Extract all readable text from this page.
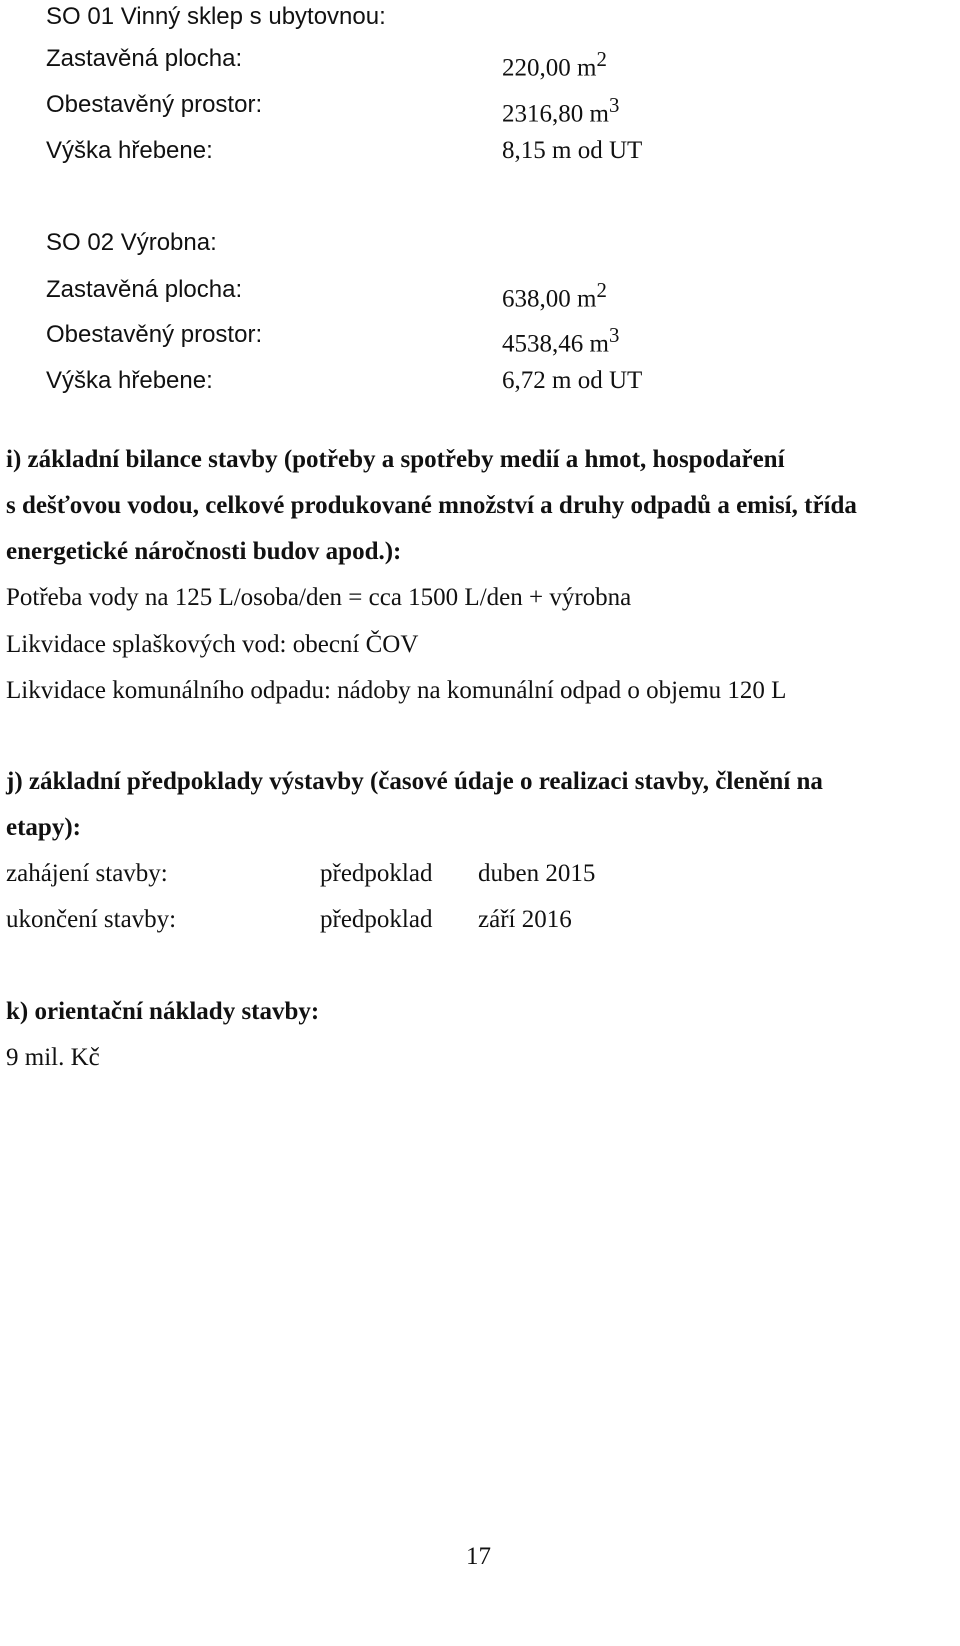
SO 01 Vinný sklep s ubytovnou:
Zastavěná plocha:	220,00 $m^2$
Obestavěný prostor:	2316,80 $m^3$
Výška hřebene:	8,15 m od UT
SO 02 Výrobna:
Zastavěná plocha:	638,00 $m^2$
Obestavěný prostor:	4538,46 $m^3$
Výška hřebene:	6,72 m od UT
i) základní bilance stavby (potřeby a spotřeby medií a hmot, hospodaření
s dešťovou vodou, celkové produkované množství a druhy odpadů a emisí, třída
energetické náročnosti budov apod.):
Potřeba vody na 125 L/osoba/den = cca 1500 L/den + výrobna
Likvidace splaškových vod: obecní ČOV
Likvidace komunálního odpadu: nádoby na komunální odpad o objemu 120 L
j) základní předpoklady výstavby (časové údaje o realizaci stavby, členění na
etapy):
zahájení stavby:	předpoklad duben 2015
ukončení stavby:	předpoklad září 2016
k) orientační náklady stavby:
9 mil. Kč
17
